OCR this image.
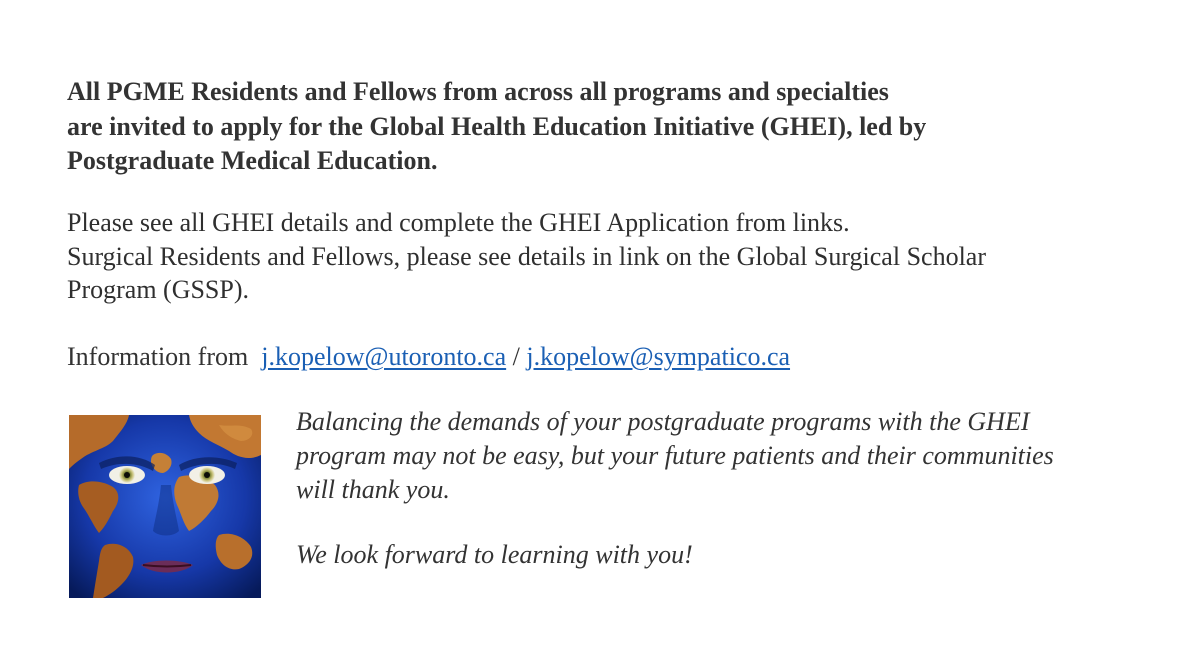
All PGME Residents and Fellows from across all programs and specialties
are invited to apply for the Global Health Education Initiative (GHEI), led by
Postgraduate Medical Education.
Please see all GHEI details and complete the GHEI Application from links.
Surgical Residents and Fellows, please see details in link on the Global Surgical Scholar
Program (GSSP).
Information from j.kopelow@utoronto.ca / j.kopelow@sympatico.ca
Balancing the demands of your postgraduate programs with the GHEI
program may not be easy, but your future patients and their communities
will thank you.
We look forward to learning with you!
